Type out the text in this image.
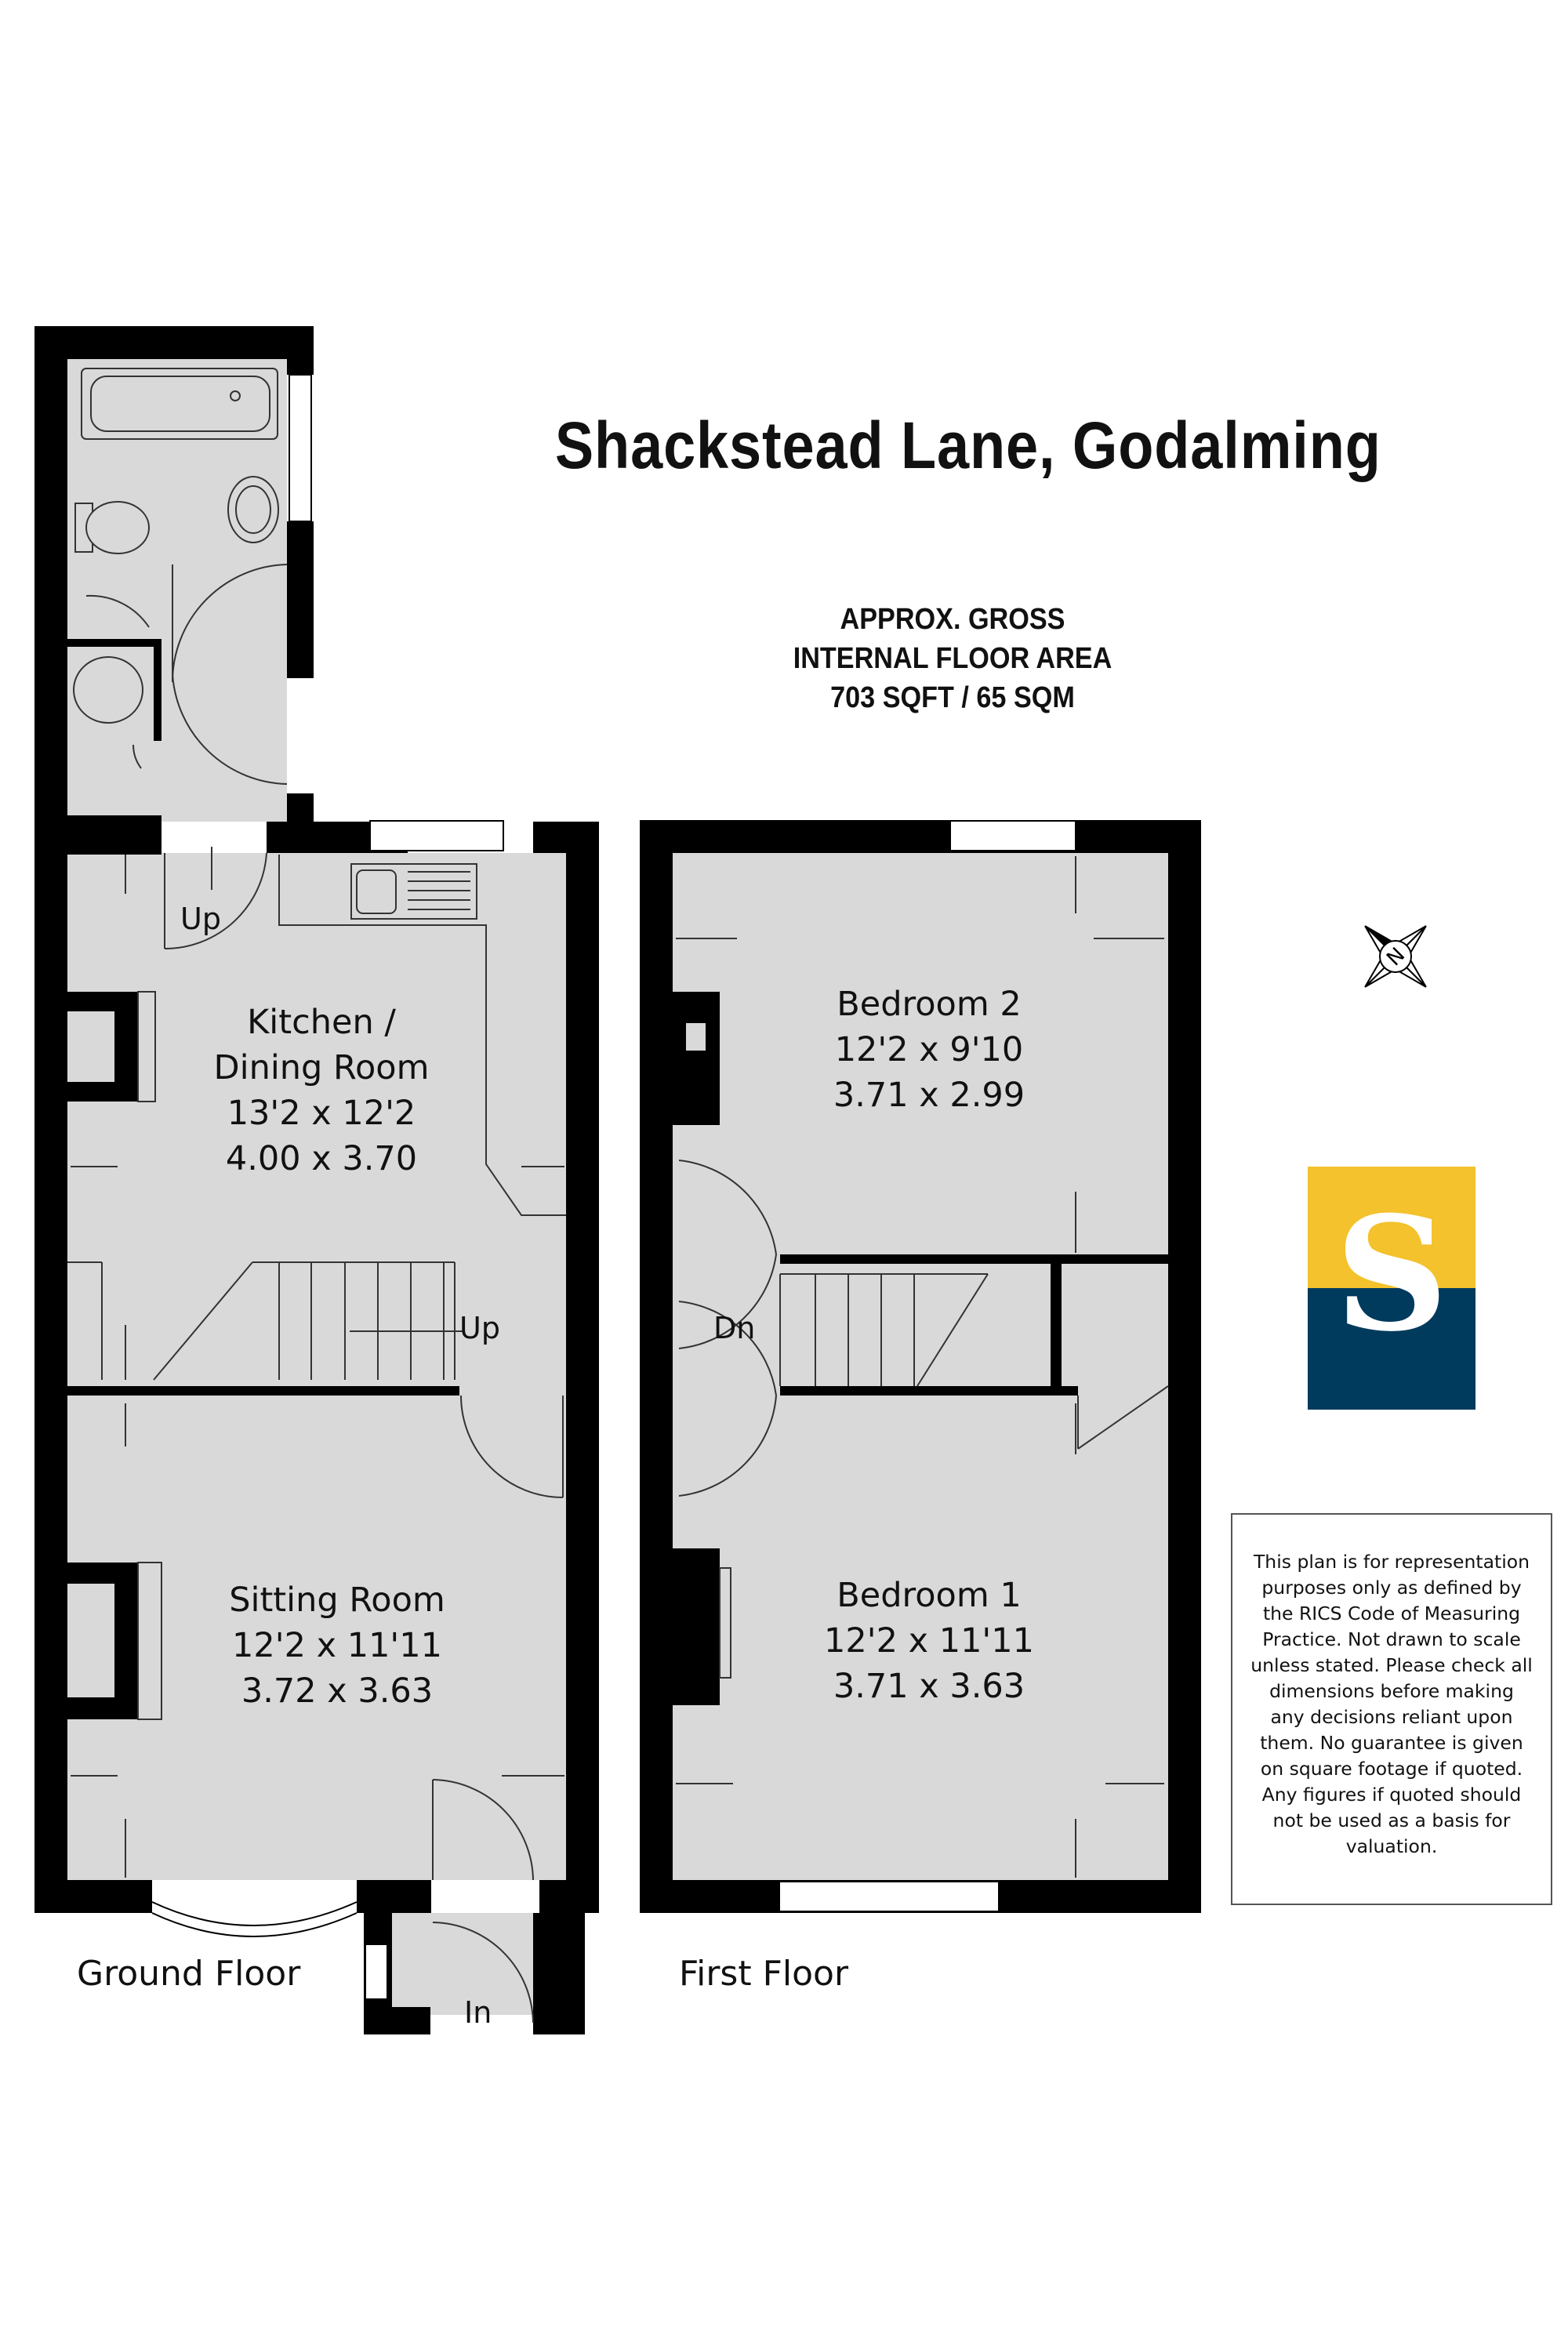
N
Shackstead Lane, Godalming
APPROX. GROSS
INTERNAL FLOOR AREA
703 SQFT / 65 SQM
Kitchen /
Dining Room
13'2 x 12'2
4.00 x 3.70
Sitting Room
12'2 x 11'11
3.72 x 3.63
Bedroom 2
12'2 x 9'10
3.71 x 2.99
Bedroom 1
12'2 x 11'11
3.71 x 3.63
Up
Up	Dn
In
Ground Floor	First Floor
S
This plan is for representation purposes only as defined by the RICS Code of Measuring Practice. Not drawn to scale unless stated. Please check all dimensions before making any decisions reliant upon them. No guarantee is given on square footage if quoted. Any figures if quoted should not be used as a basis for valuation.
